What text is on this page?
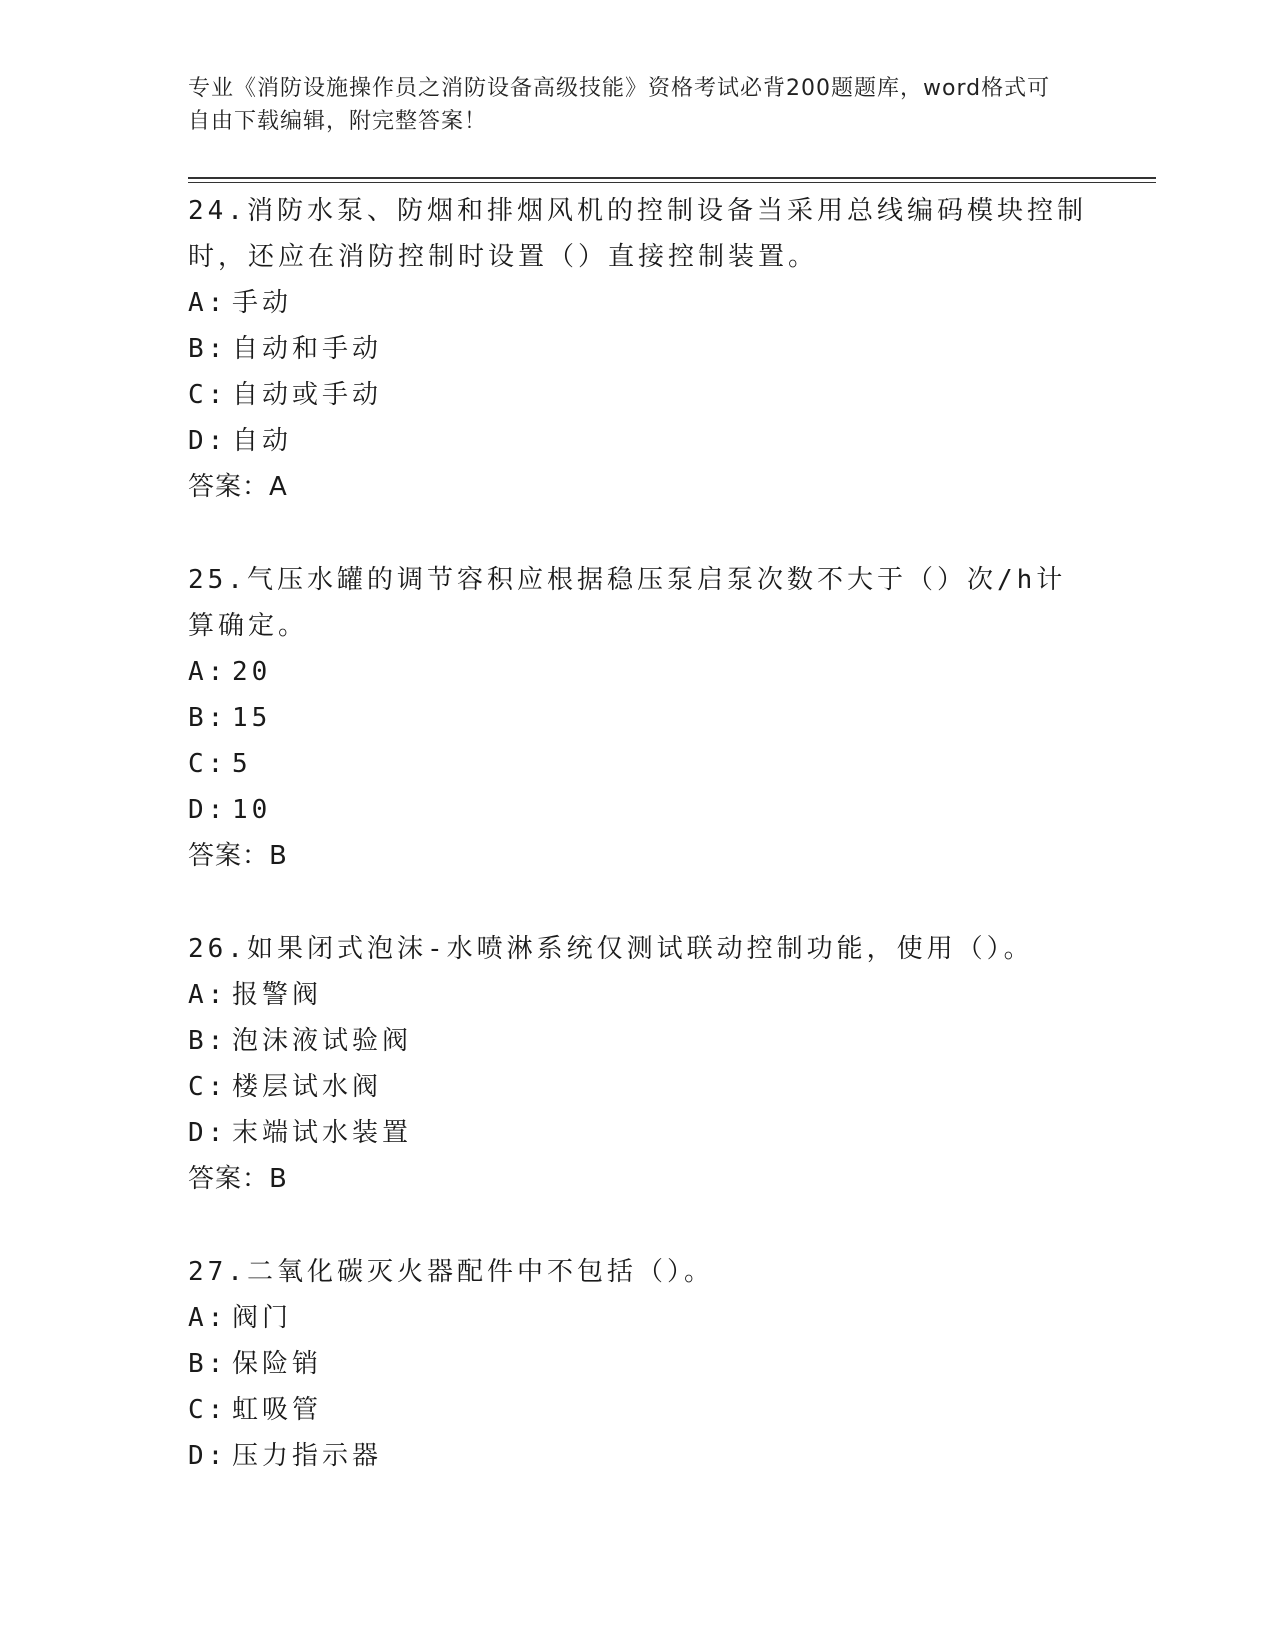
专业《消防设施操作员之消防设备高级技能》资格考试必背200题题库，word格式可自由下载编辑，附完整答案！

24.消防水泵、防烟和排烟风机的控制设备当采用总线编码模块控制时，还应在消防控制时设置（）直接控制装置。

A: 手动
B: 自动和手动
C: 自动或手动
D: 自动

答案：A

25.气压水罐的调节容积应根据稳压泵启泵次数不大于（）次/h计算确定。

A: 20
B: 15
C: 5
D: 10

答案：B

26.如果闭式泡沫-水喷淋系统仅测试联动控制功能，使用（）。

A: 报警阀
B: 泡沫液试验阀
C: 楼层试水阀
D: 末端试水装置

答案：B

27.二氧化碳灭火器配件中不包括（）。

A: 阀门
B: 保险销
C: 虹吸管
D: 压力指示器
